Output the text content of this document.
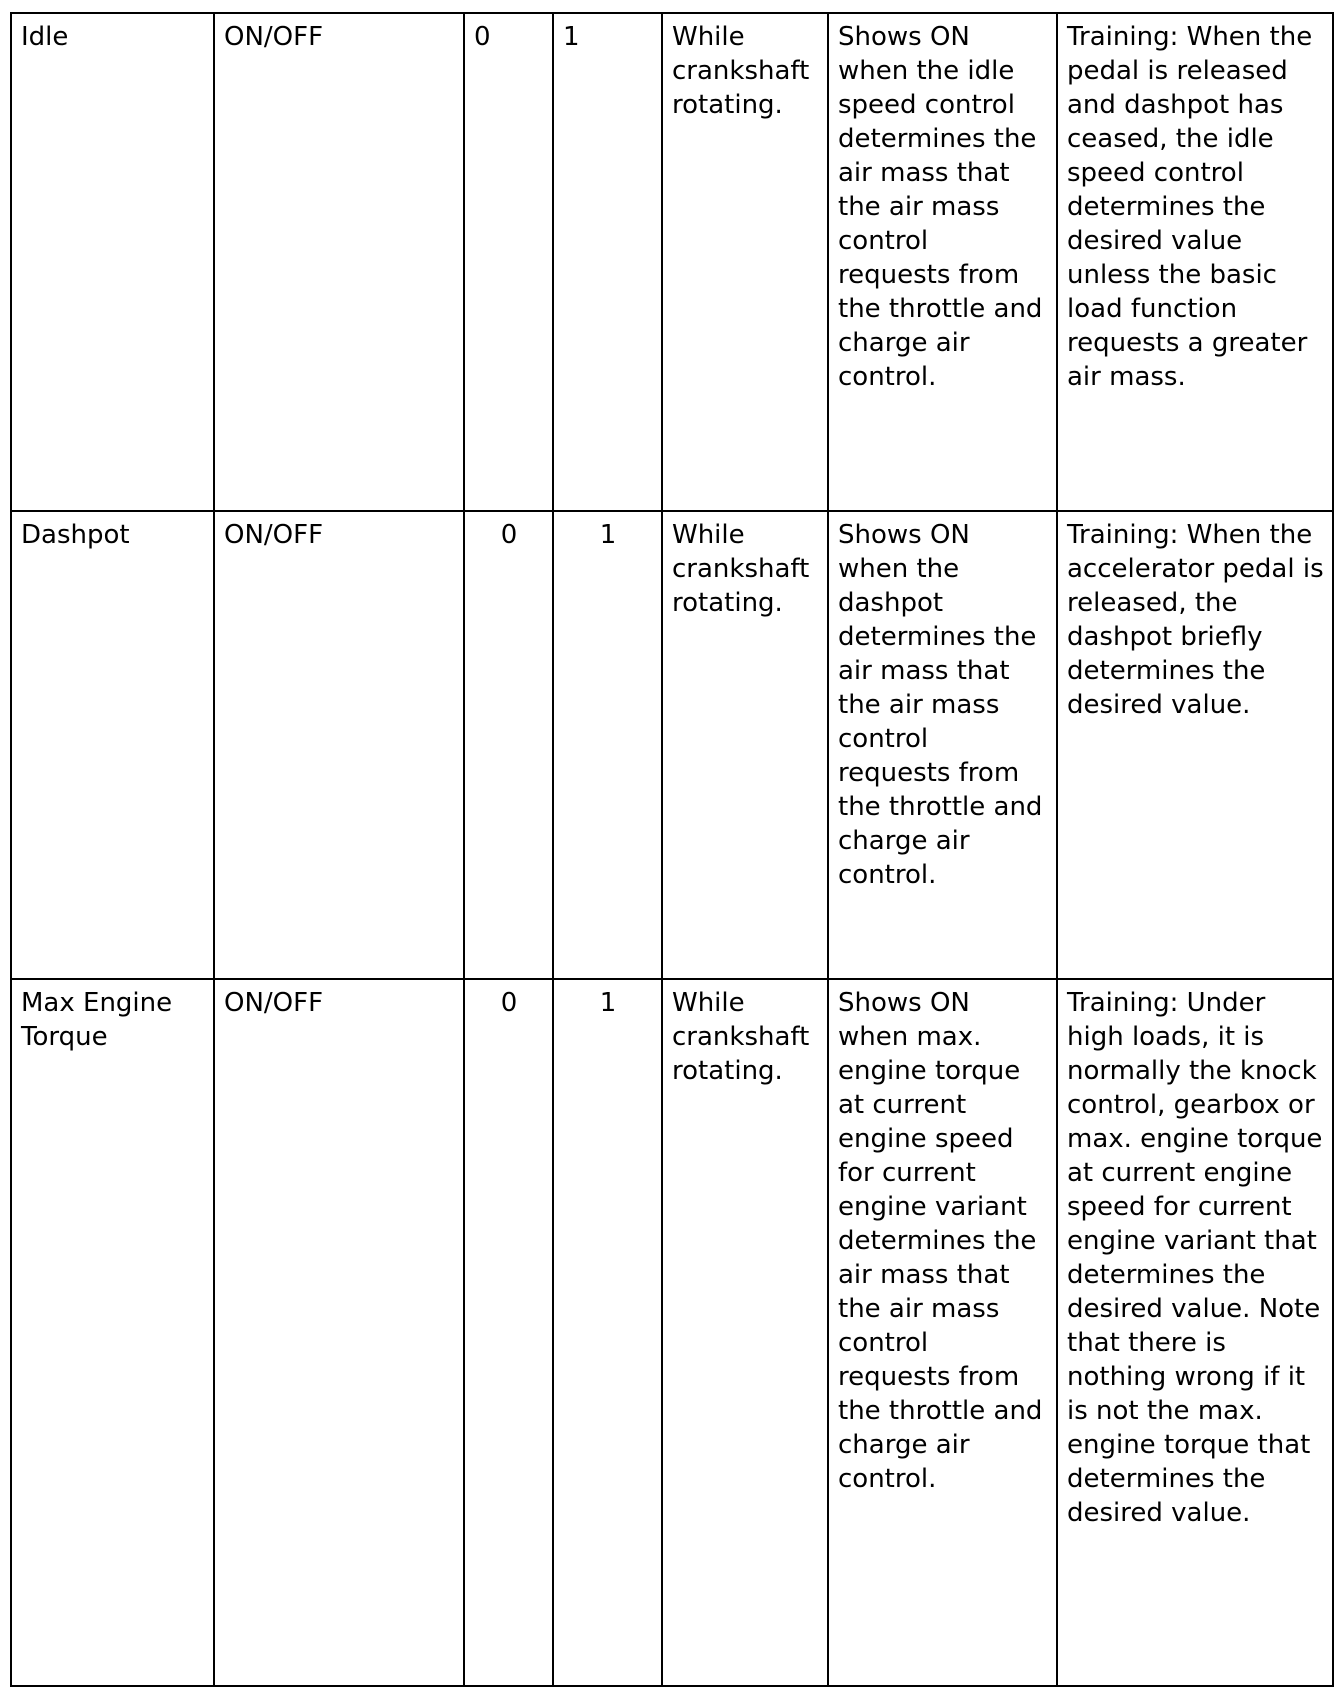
Idle	ON/OFF	0	1	While crankshaft rotating.	Shows ON when the idle speed control determines the air mass that the air mass control requests from the throttle and charge air control.	Training: When the pedal is released and dashpot has ceased, the idle speed control determines the desired value unless the basic load function requests a greater air mass.
Dashpot	ON/OFF	0	1	While crankshaft rotating.	Shows ON when the dashpot determines the air mass that the air mass control requests from the throttle and charge air control.	Training: When the accelerator pedal is released, the dashpot briefly determines the desired value.
Max Engine Torque	ON/OFF	0	1	While crankshaft rotating.	Shows ON when max. engine torque at current engine speed for current engine variant determines the air mass that the air mass control requests from the throttle and charge air control.	Training: Under high loads, it is normally the knock control, gearbox or max. engine torque at current engine speed for current engine variant that determines the desired value. Note that there is nothing wrong if it is not the max. engine torque that determines the desired value.
